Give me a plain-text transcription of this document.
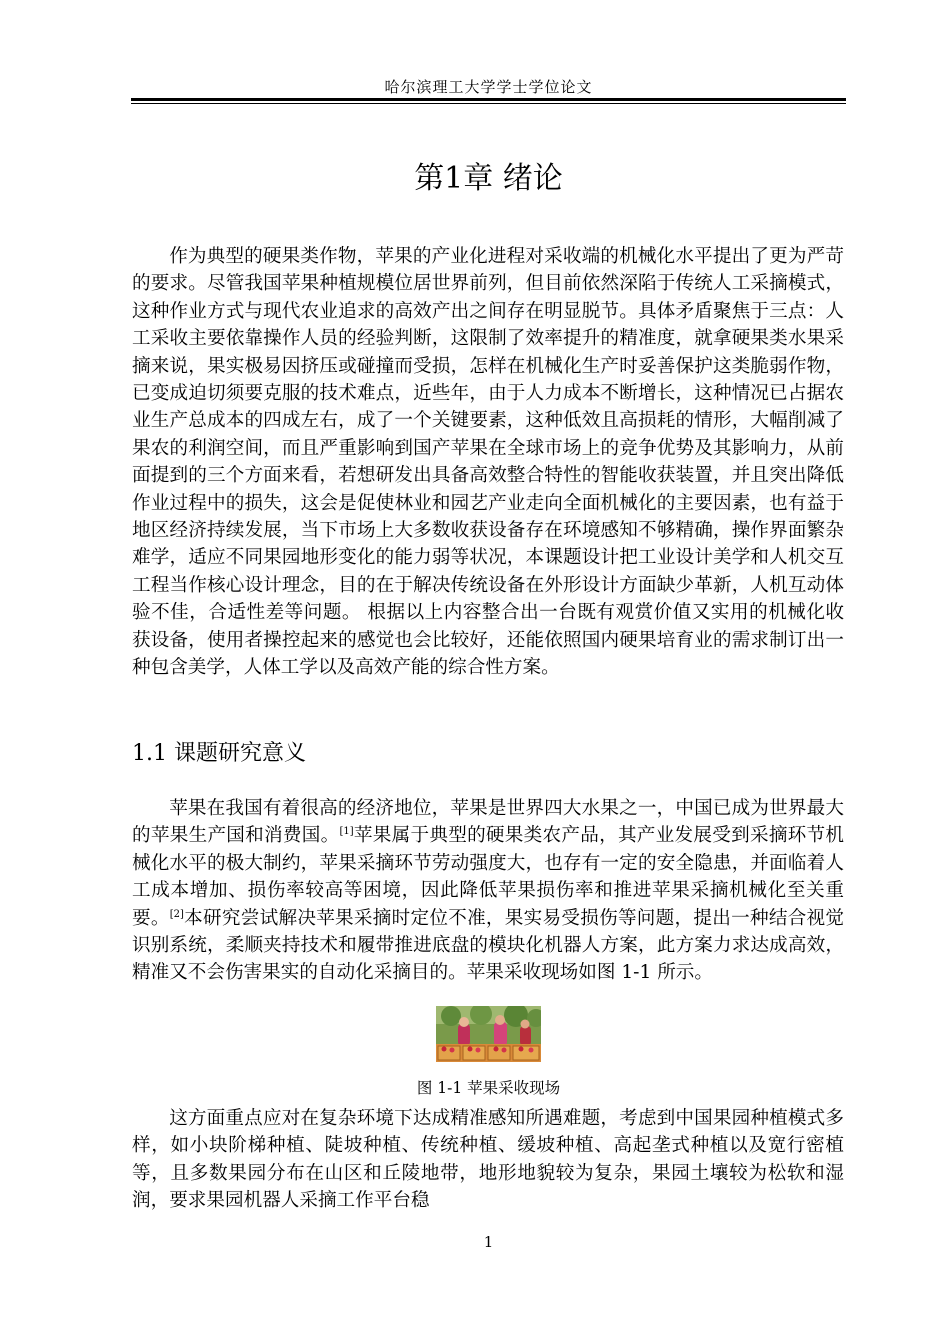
哈尔滨理工大学学士学位论文
第1章 绪论

作为典型的硬果类作物，苹果的产业化进程对采收端的机械化水平提出了更为严苛的要求。尽管我国苹果种植规模位居世界前列，但目前依然深陷于传统人工采摘模式，这种作业方式与现代农业追求的高效产出之间存在明显脱节。具体矛盾聚焦于三点：人工采收主要依靠操作人员的经验判断，这限制了效率提升的精准度，就拿硬果类水果采摘来说，果实极易因挤压或碰撞而受损，怎样在机械化生产时妥善保护这类脆弱作物，已变成迫切须要克服的技术难点，近些年，由于人力成本不断增长，这种情况已占据农业生产总成本的四成左右，成了一个关键要素，这种低效且高损耗的情形，大幅削减了果农的利润空间，而且严重影响到国产苹果在全球市场上的竞争优势及其影响力，从前面提到的三个方面来看，若想研发出具备高效整合特性的智能收获装置，并且突出降低作业过程中的损失，这会是促使林业和园艺产业走向全面机械化的主要因素，也有益于地区经济持续发展，当下市场上大多数收获设备存在环境感知不够精确，操作界面繁杂难学，适应不同果园地形变化的能力弱等状况，本课题设计把工业设计美学和人机交互工程当作核心设计理念，目的在于解决传统设备在外形设计方面缺少革新，人机互动体验不佳，合适性差等问题。 根据以上内容整合出一台既有观赏价值又实用的机械化收获设备，使用者操控起来的感觉也会比较好，还能依照国内硬果培育业的需求制订出一种包含美学，人体工学以及高效产能的综合性方案。

1.1 课题研究意义

苹果在我国有着很高的经济地位，苹果是世界四大水果之一，中国已成为世界最大的苹果生产国和消费国。[1]苹果属于典型的硬果类农产品，其产业发展受到采摘环节机械化水平的极大制约，苹果采摘环节劳动强度大，也存有一定的安全隐患，并面临着人工成本增加、损伤率较高等困境，因此降低苹果损伤率和推进苹果采摘机械化至关重要。[2]本研究尝试解决苹果采摘时定位不准，果实易受损伤等问题，提出一种结合视觉识别系统，柔顺夹持技术和履带推进底盘的模块化机器人方案，此方案力求达成高效，精准又不会伤害果实的自动化采摘目的。苹果采收现场如图 1-1 所示。

图 1-1 苹果采收现场

这方面重点应对在复杂环境下达成精准感知所遇难题，考虑到中国果园种植模式多样，如小块阶梯种植、陡坡种植、传统种植、缓坡种植、高起垄式种植以及宽行密植等，且多数果园分布在山区和丘陵地带，地形地貌较为复杂，果园土壤较为松软和湿润，要求果园机器人采摘工作平台稳

1
